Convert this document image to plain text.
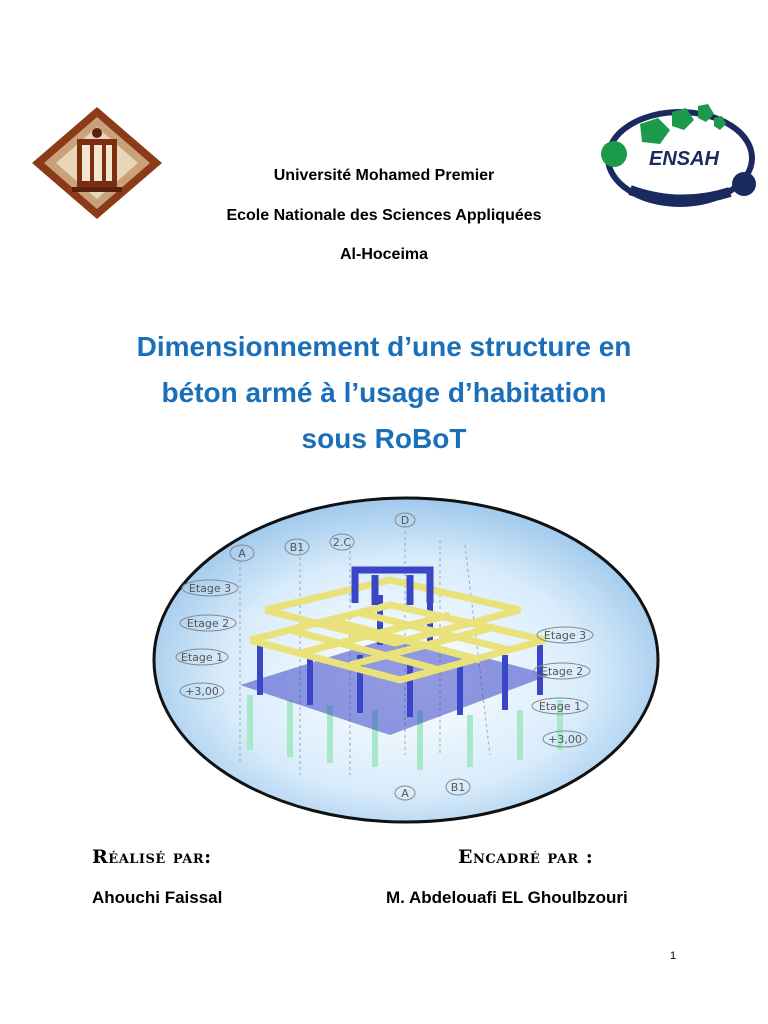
ENSAH
Université Mohamed Premier
Ecole Nationale des Sciences Appliquées
Al-Hoceima
Dimensionnement d’une structure en
béton armé à l’usage d’habitation
sous RoBoT
A	B1	2.C
D
Etage 3
Etage 2
Etage 1
+3,00
Etage 3
Etage 2
Etage 1
+3,00
A	B1
Réalisé par:	Encadré par :
Ahouchi Faissal	M. Abdelouafi EL Ghoulbzouri
1
